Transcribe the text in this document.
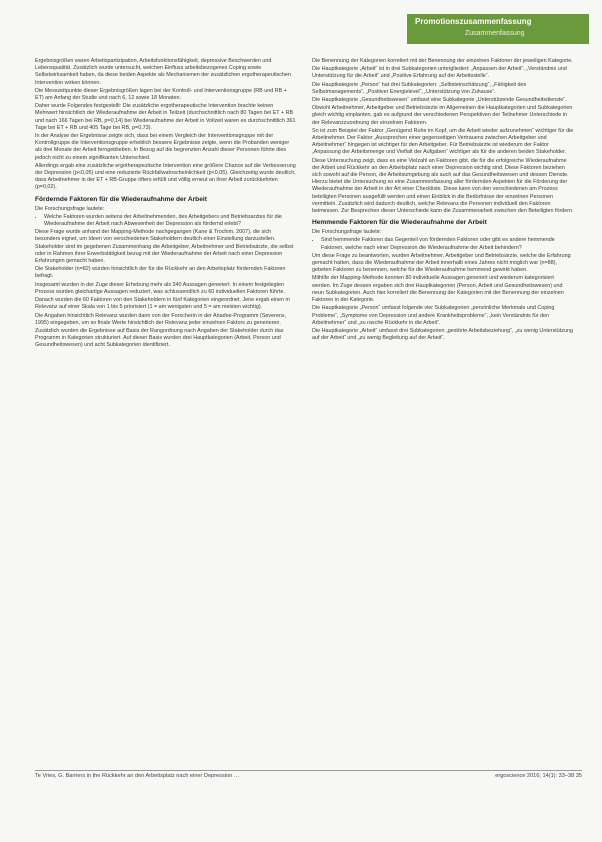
Promotionszusammenfassung
Zusammenfassung

Ergebnisgrößen waren Arbeitspartizipation, Arbeitsfunktionsfähigkeit, depressive Beschwerden und Lebensqualität. Zusätzlich wurde untersucht, welchen Einfluss arbeitsbezogenes Coping sowie Selbstwirksamkeit haben, da diese beiden Aspekte als Mechanismen der zusätzlichen ergotherapeutischen Intervention wirken können.

Die Messzeitpunkte dieser Ergebnisgrößen lagen bei der Kontroll- und Interventionsgruppe (RB und RB + ET) am Anfang der Studie und nach 6, 12 sowie 18 Monaten.

Daher wurde Folgendes festgestellt: Die zusätzliche ergotherapeutische Intervention brachte keinen Mehrwert hinsichtlich der Wiederaufnahme der Arbeit in Teilzeit (durchschnittlich nach 80 Tagen bei ET + RB und nach 166 Tagen bei RB, p=0,14) bei Wiederaufnahme der Arbeit in Vollzeit waren es durchschnittlich 361 Tage bei ET + RB und 405 Tage bei RB, p=0,73).

In der Analyse der Ergebnisse zeigte sich, dass bei einem Vergleich der Interventionsgruppe mit der Kontrollgruppe die Interventionsgruppe erheblich bessere Ergebnisse zeigte, wenn die Probanden weniger als drei Monate der Arbeit ferngeblieben. In Bezug auf die begrenzten Anzahl dieser Personen führte dies jedoch nicht zu einem signifikanten Unterschied.

Allerdings ergab eine zusätzliche ergotherapeutische Intervention eine größere Chance auf die Verbesserung der Depression (p<0,05) und eine reduzierte Rückfallwahrscheinlichkeit (p<0,05). Gleichzeitig wurde deutlich, dass Arbeitnehmer in der ET + RB-Gruppe öfters erfüllt und völlig erneut an ihrer Arbeit zurückkehrten (p=0,02).

Fördernde Faktoren für die Wiederaufnahme der Arbeit

Die Forschungsfrage lautete:

• Welche Faktoren wurden seitens der Arbeitnehmenden, des Arbeitgebers und Betriebsarztes für die Wiederaufnahme der Arbeit nach Abwesenheit der Depression als fördernd erlebt?

Diese Frage wurde anhand der Mapping-Methode nachgegangen (Kane & Trochim, 2007), die sich besonders eignet, um Ideen von verschiedenen Stakeholdern deutlich einer Einstellung darzustellen. Stakeholder sind im gegebenen Zusammenhang die Arbeitgeber, Arbeitnehmer und Betriebsärzte, die selbst oder in Rahmen ihrer Erwerbstätigkeit bezug mit der Wiederaufnahme der Arbeit nach einer Depression Erfahrungen gemacht haben.

Die Stakeholder (n=82) wurden hinsichtlich der für die Rückkehr an den Arbeitsplatz fördernden Faktoren befragt.

Insgesamt wurden in der Zuge dieser Erhebung mehr als 340 Aussagen generiert. In einem festgelegten Prozess wurden gleichartige Aussagen reduziert, was schlussendlich zu 60 individuellen Faktoren führte.

Danach wurden die 60 Faktoren von den Stakeholdern in fünf Kategorien eingeordnet. Jene ergab einen in Relevanz auf einer Skala von 1 bis 5 priorisiert (1 = am wenigsten und 5 = am meisten wichtig).

Die Angaben hinsichtlich Relevanz wurden dann von der Forscherin in der Ariadne-Programm (Severens, 1995) eingegeben, um so finale Werte hinsichtlich der Relevanz jeder einzelnen Faktors zu generieren.

Zusätzlich wurden die Ergebnisse auf Basis der Rangordnung nach Angaben der Stakeholder durch das Programm in Kategorien strukturiert. Auf dieser Basis wurden drei Hauptkategorien (Arbeit, Person und Gesundheitswesen) und acht Subkategorien identifiziert.

Die Benennung der Kategorien korreliert mit der Benennung der einzelnen Faktoren der jeweiligen Kategorie.

Die Hauptkategorie „Arbeit“ ist in drei Subkategorien untergliedert: „Anpassen der Arbeit“, „Verständnis und Unterstützung für die Arbeit“ und „Positive Erfahrung auf der Arbeitsstelle“.

Die Hauptkategorie „Person“ hat drei Subkategorien: „Selbsteinschätzung“, „Fähigkeit des Selbstmanagements“, „Positiver Energielevel“, „Unterstützung von Zuhause“.

Die Hauptkategorie „Gesundheitswesen“ umfasst eine Subkategorie „Unterstützende Gesundheitsdienste“.

Obwohl Arbeitnehmer, Arbeitgeber und Betriebsärzte im Allgemeinen die Hauptkategorien und Subkategorien gleich wichtig einplanten, gab es aufgrund der verschiedenen Perspektiven der Teilnehmer Unterschiede in der Relevanzzuordnung der einzelnen Faktoren.

So ist zum Beispiel der Faktor „Genügend Ruhe im Kopf, um die Arbeit wieder aufzunehmen“ wichtiger für die Arbeitnehmer. Der Faktor „Aussprechen einer gegenseitigen Vertrauens zwischen Arbeitgeber und Arbeitnehmer“ hingegen ist wichtiger für den Arbeitgeber. Für Betriebsärzte ist wiederum der Faktor „Anpassung der Arbeitsmenge und Vielfalt der Aufgaben“ wichtiger als für die anderen beiden Stakeholder.

Diese Untersuchung zeigt, dass es eine Vielzahl an Faktoren gibt, die für die erfolgreiche Wiederaufnahme der Arbeit und Rückkehr an den Arbeitsplatz nach einer Depression wichtig sind. Diese Faktoren beziehen sich sowohl auf die Person, die Arbeitsumgebung als auch auf das Gesundheitswesen und dessen Dienste. Hierzu bietet die Untersuchung so eine Zusammenfassung aller fördernden Aspekten für die Förderung der Wiederaufnahme der Arbeit in der Art einer Checkliste. Diese kann von den verschiedenen am Prozess beteiligten Personen ausgefüllt werden und einen Einblick in die Bedürfnisse der einzelnen Personen vermitteln. Zusätzlich wird dadurch deutlich, welche Relevanz die Personen individuell den Faktoren beimessen. Zur Besprechen dieser Unterschiede kann die Zusammenarbeit zwischen den Beteiligten fördern.

Hemmende Faktoren für die Wiederaufnahme der Arbeit

Die Forschungsfrage lautete:

• Sind hemmende Faktoren das Gegenteil von fördernden Faktoren oder gibt es andere hemmende Faktoren, welche nach einer Depression die Wiederaufnahme der Arbeit behindern?

Um diese Frage zu beantworten, wurden Arbeitnehmer, Arbeitgeber und Betriebsärzte, welche die Erfahrung gemacht hatten, dass die Wiederaufnahme der Arbeit innerhalb eines Jahres nicht möglich war (n=88), gebeten Faktoren zu benennen, welche für die Wiederaufnahme hemmend gewirkt haben.

Mithilfe der Mapping-Methode konnten 80 individuelle Aussagen generiert und wiederum kategorisiert werden. Im Zuge dessen ergaben sich drei Hauptkategorien (Person, Arbeit und Gesundheitswesen) und neun Subkategorien. Auch hier korreliert die Benennung der Kategorien mit der Benennung der einzelnen Faktoren in der Kategorie.

Die Hauptkategorie „Person“ umfasst folgende vier Subkategorien „persönliche Merkmale und Coping Probleme“, „Symptome von Depression und andere Krankheitsprobleme“, „kein Verständnis für den Arbeitnehmer“ und „zu rasche Rückkehr in die Arbeit“.

Die Hauptkategorie „Arbeit“ umfasst drei Subkategorien „gestörte Arbeitsbeziehung“, „zu wenig Unterstützung auf der Arbeit“ und „zu wenig Begleitung auf der Arbeit“.

Te Vries, G. Barriers in the Rückkehr an den Arbeitsplatz nach einer Depression …	ergoscience 2016; 14(1): 33–38 35
